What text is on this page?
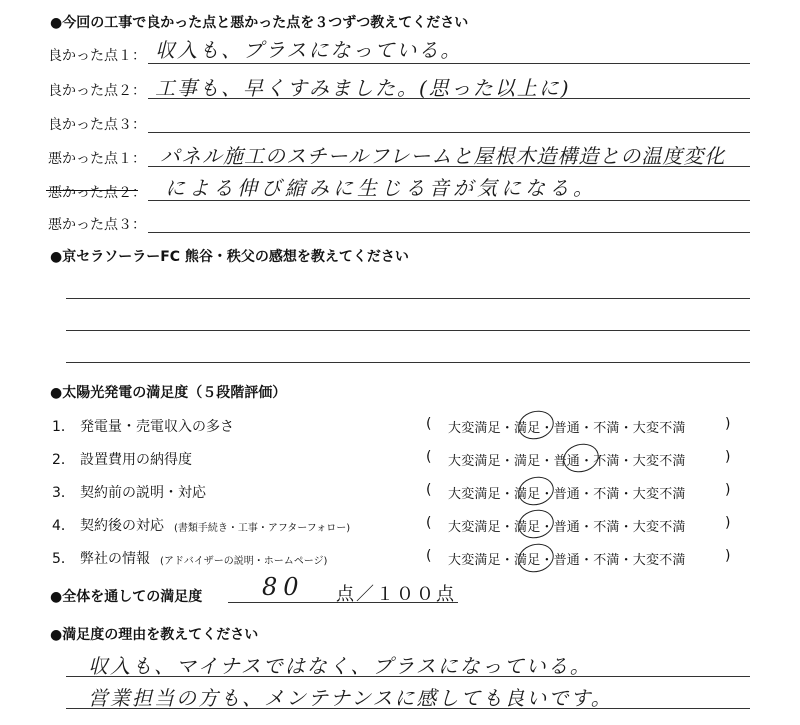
●今回の工事で良かった点と悪かった点を３つずつ教えてください
良かった点１： 収入も、プラスになっている。
良かった点２： 工事も、早くすみました。(思った以上に)
良かった点３：
悪かった点１： パネル施工のスチールフレームと屋根木造構造との温度変化
悪かった点２： による伸び縮みに生じる音が気になる。
悪かった点３：
●京セラソーラーFC 熊谷・秩父の感想を教えてください
●太陽光発電の満足度（５段階評価）
1． 発電量・売電収入の多さ	( 大変満足・満足・普通・不満・大変不満	)
2． 設置費用の納得度	( 大変満足・満足・普通・不満・大変不満	)
3． 契約前の説明・対応	( 大変満足・満足・普通・不満・大変不満	)
4． 契約後の対応 (書類手続き・工事・アフターフォロー)	( 大変満足・満足・普通・不満・大変不満	)
5． 弊社の情報 (アドバイザーの説明・ホームページ)	( 大変満足・満足・普通・不満・大変不満	)
●全体を通しての満足度 80 点／１００点
●満足度の理由を教えてください
収入も、マイナスではなく、プラスになっている。
営業担当の方も、メンテナンスに感しても良いです。
